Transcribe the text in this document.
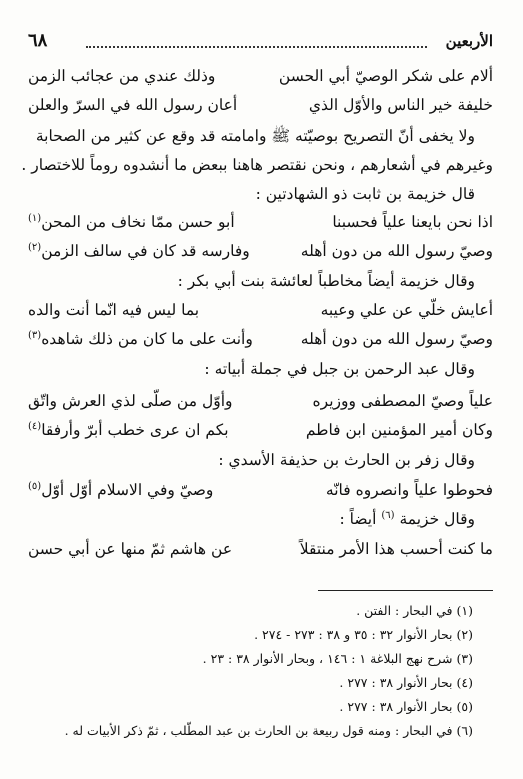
الأربعين
٦٨
ألام على شكر الوصيّ أبي الحسن
وذلك عندي من عجائب الزمن
خليفة خير الناس والأوّل الذي
أعان رسول الله في السرّ والعلن
ولا يخفى أنّ التصريح بوصيّته ﷺ وامامته قد وقع عن كثير من الصحابة
وغيرهم في أشعارهم ، ونحن نقتصر هاهنا ببعض ما أنشدوه روماً للاختصار .
قال خزيمة بن ثابت ذو الشهادتين :
اذا نحن بايعنا علياً فحسبنا
أبو حسن ممّا نخاف من المحن$^{(١)}$
وصيّ رسول الله من دون أهله
وفارسه قد كان في سالف الزمن$^{(٢)}$
وقال خزيمة أيضاً مخاطباً لعائشة بنت أبي بكر :
أعايش خلّي عن علي وعيبه
بما ليس فيه انّما أنت والده
وصيّ رسول الله من دون أهله
وأنت على ما كان من ذلك شاهده$^{(٣)}$
وقال عبد الرحمن بن جبل في جملة أبياته :
علياً وصيّ المصطفى ووزيره
وأوّل من صلّى لذي العرش واتّق
وكان أمير المؤمنين ابن فاطم
بكم ان عرى خطب أبرّ وأرفقا$^{(٤)}$
وقال زفر بن الحارث بن حذيفة الأسدي :
فحوطوا علياً وانصروه فانّه
وصيّ وفي الاسلام أوّل أوّل$^{(٥)}$
وقال خزيمة $^{(٦)}$ أيضاً :
ما كنت أحسب هذا الأمر منتقلاً
عن هاشم ثمّ منها عن أبي حسن
(١) في البحار : الفتن .
(٢) بحار الأنوار ٣٢ : ٣٥ و ٣٨ : ٢٧٣ - ٢٧٤ .
(٣) شرح نهج البلاغة ١ : ١٤٦ ، وبحار الأنوار ٣٨ : ٢٣ .
(٤) بحار الأنوار ٣٨ : ٢٧٧ .
(٥) بحار الأنوار ٣٨ : ٢٧٧ .
(٦) في البحار : ومنه قول ربيعة بن الحارث بن عبد المطّلب ، ثمّ ذكر الأبيات له .
